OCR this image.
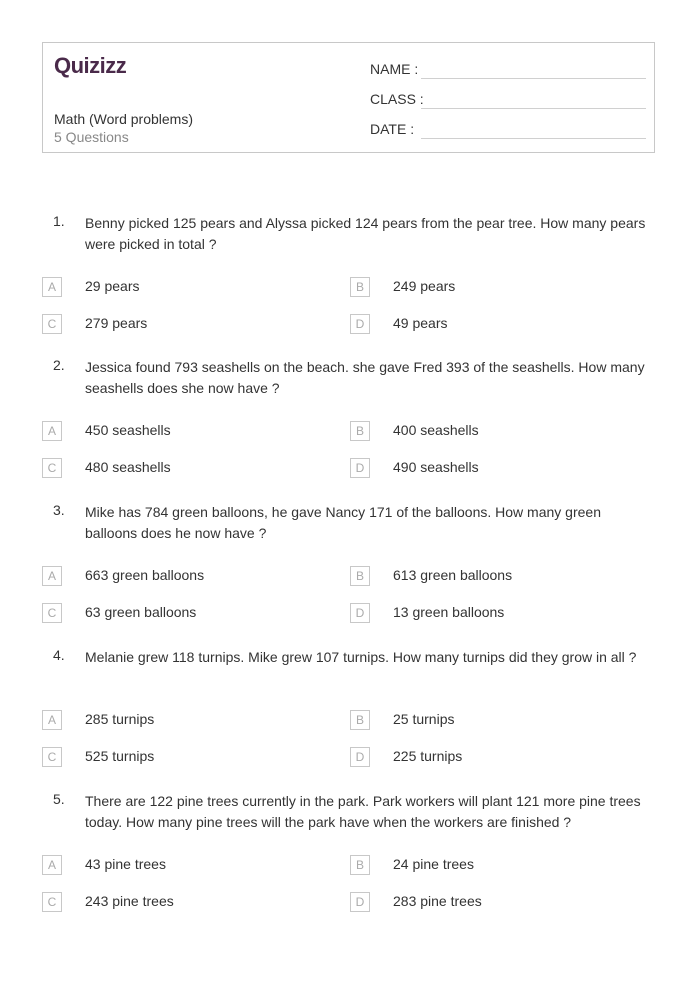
Quizizz
Math (Word problems)
5 Questions
NAME :
CLASS :
DATE :
1. Benny picked 125 pears and Alyssa picked 124 pears from the pear tree. How many pears were picked in total ?
A	29 pears	B	249 pears
C	279 pears	D	49 pears
2. Jessica found 793 seashells on the beach. she gave Fred 393 of the seashells. How many seashells does she now have ?
A	450 seashells	B	400 seashells
C	480 seashells	D	490 seashells
3. Mike has 784 green balloons, he gave Nancy 171 of the balloons. How many green balloons does he now have ?
A	663 green balloons	B	613 green balloons
C	63 green balloons	D	13 green balloons
4. Melanie grew 118 turnips. Mike grew 107 turnips. How many turnips did they grow in all ?
A	285 turnips	B	25 turnips
C	525 turnips	D	225 turnips
5. There are 122 pine trees currently in the park. Park workers will plant 121 more pine trees today. How many pine trees will the park have when the workers are finished ?
A	43 pine trees	B	24 pine trees
C	243 pine trees	D	283 pine trees
